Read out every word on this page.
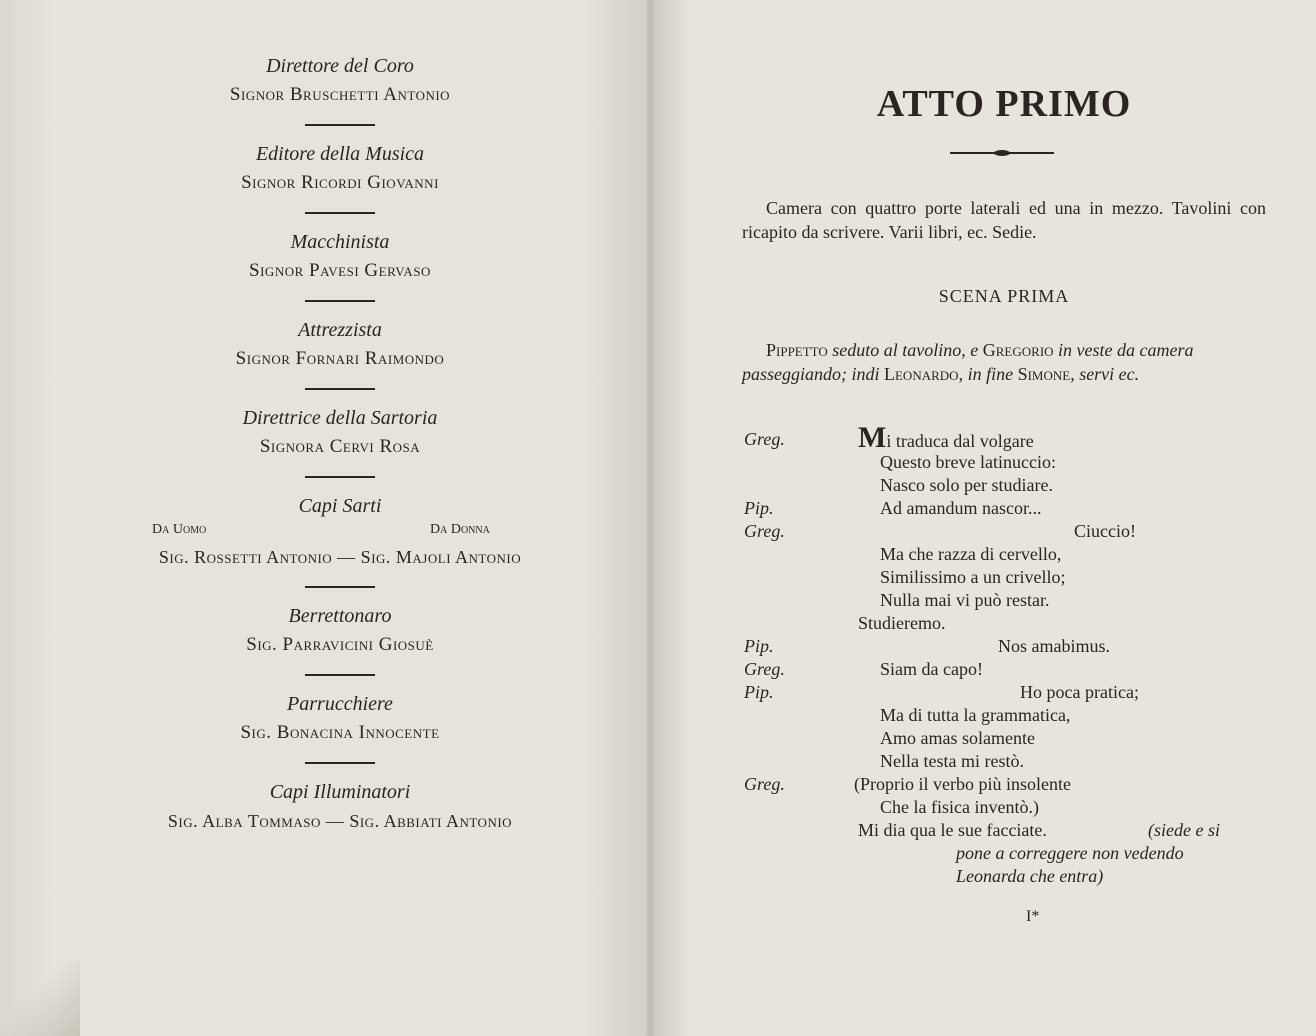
Direttore del Coro

Signor Bruschetti Antonio

Editore della Musica

Signor Ricordi Giovanni

Macchinista

Signor Pavesi Gervaso

Attrezzista

Signor Fornari Raimondo

Direttrice della Sartoria

Signora Cervi Rosa

Capi Sarti

Da Uomo	Da Donna

Sig. Rossetti Antonio — Sig. Majoli Antonio

Berrettonaro

Sig. Parravicini Giosuè

Parrucchiere

Sig. Bonacina Innocente

Capi Illuminatori

Sig. Alba Tommaso — Sig. Abbiati Antonio

ATTO PRIMO

Camera con quattro porte laterali ed una in mezzo. Tavolini con ricapito da scrivere. Varii libri, ec. Sedie.

SCENA PRIMA

Pippetto seduto al tavolino, e Gregorio in veste da camera passeggiando; indi Leonardo, in fine Simone, servi ec.

Greg. Mi traduca dal volgare
Questo breve latinuccio:
Nasco solo per studiare.
Pip.	Ad amandum nascor...
Greg.	Ciuccio!
Ma che razza di cervello,
Similissimo a un crivello;
Nulla mai vi può restar.
Studieremo.
Pip.	Nos amabimus.
Greg.	Siam da capo!
Pip.	Ho poca pratica;
Ma di tutta la grammatica,
Amo amas solamente
Nella testa mi restò.
Greg.	(Proprio il verbo più insolente
Che la fisica inventò.)
Mi dia qua le sue facciate.	(siede e si
pone a correggere non vedendo
Leonarda che entra)
I*
